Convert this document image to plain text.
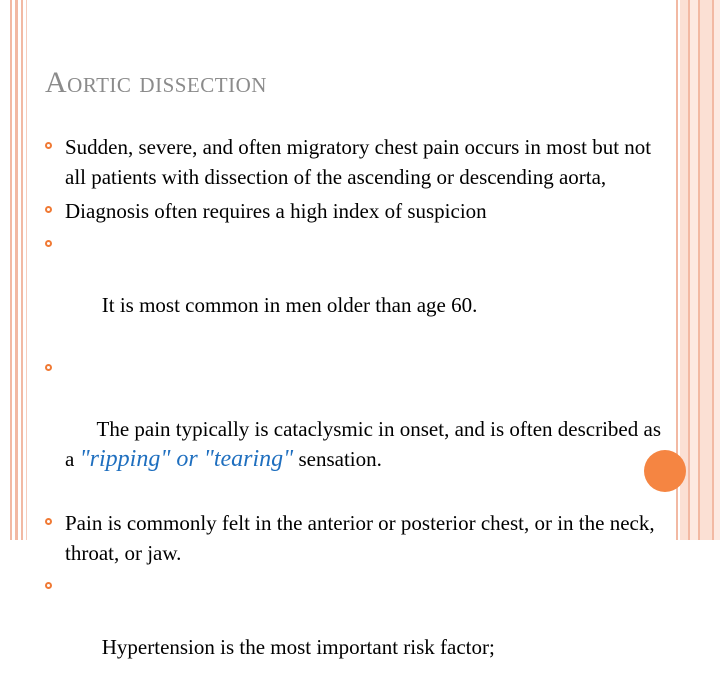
Aortic dissection
Sudden, severe, and often migratory chest pain occurs in most but not all patients with dissection of the ascending or descending aorta,
Diagnosis often requires a high index of suspicion

It is most common in men older than age 60.

The pain typically is cataclysmic in onset, and is often described as a "ripping" or "tearing" sensation.

Pain is commonly felt in the anterior or posterior chest, or in the neck, throat, or jaw.

Hypertension is the most important risk factor;
